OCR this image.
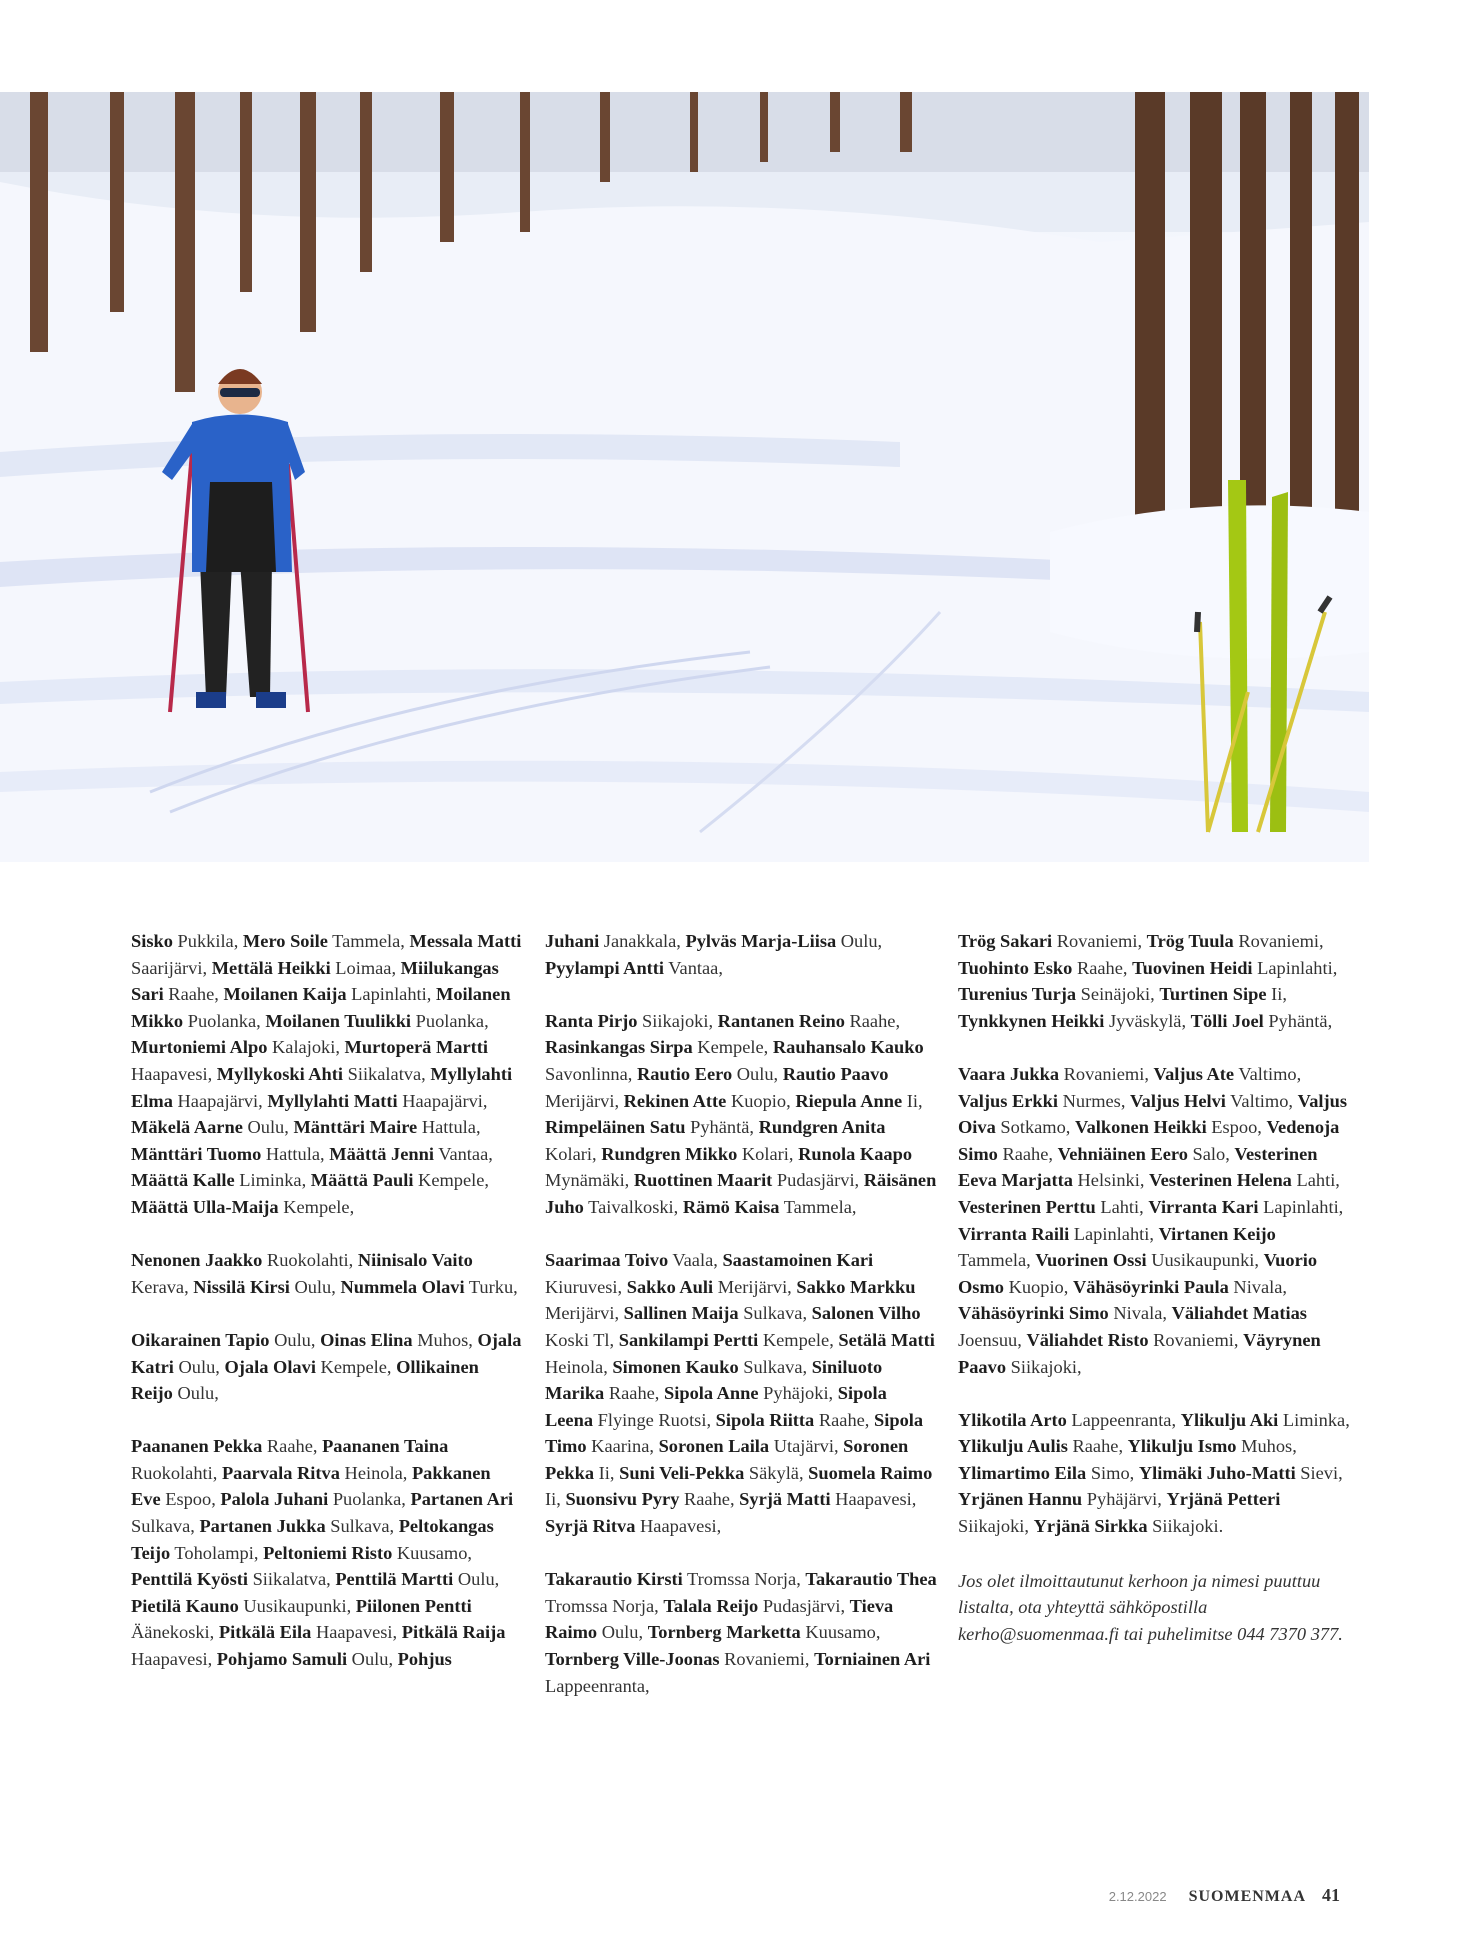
Sisko Pukkila, Mero Soile Tammela, Messala Matti Saarijärvi, Mettälä Heikki Loimaa, Miilukangas Sari Raahe, Moilanen Kaija Lapinlahti, Moilanen Mikko Puolanka, Moilanen Tuulikki Puolanka, Murtoniemi Alpo Kalajoki, Murtoperä Martti Haapavesi, Myllykoski Ahti Siikalatva, Myllylahti Elma Haapajärvi, Myllylahti Matti Haapajärvi, Mäkelä Aarne Oulu, Mänttäri Maire Hattula, Mänttäri Tuomo Hattula, Määttä Jenni Vantaa, Määttä Kalle Liminka, Määttä Pauli Kempele, Määttä Ulla-Maija Kempele,

Nenonen Jaakko Ruokolahti, Niinisalo Vaito Kerava, Nissilä Kirsi Oulu, Nummela Olavi Turku,

Oikarainen Tapio Oulu, Oinas Elina Muhos, Ojala Katri Oulu, Ojala Olavi Kempele, Ollikainen Reijo Oulu,

Paananen Pekka Raahe, Paananen Taina Ruokolahti, Paarvala Ritva Heinola, Pakkanen Eve Espoo, Palola Juhani Puolanka, Partanen Ari Sulkava, Partanen Jukka Sulkava, Peltokangas Teijo Toholampi, Peltoniemi Risto Kuusamo, Penttilä Kyösti Siikalatva, Penttilä Martti Oulu, Pietilä Kauno Uusikaupunki, Piilonen Pentti Äänekoski, Pitkälä Eila Haapavesi, Pitkälä Raija Haapavesi, Pohjamo Samuli Oulu, Pohjus

Juhani Janakkala, Pylväs Marja-Liisa Oulu, Pyylampi Antti Vantaa,

Ranta Pirjo Siikajoki, Rantanen Reino Raahe, Rasinkangas Sirpa Kempele, Rauhansalo Kauko Savonlinna, Rautio Eero Oulu, Rautio Paavo Merijärvi, Rekinen Atte Kuopio, Riepula Anne Ii, Rimpeläinen Satu Pyhäntä, Rundgren Anita Kolari, Rundgren Mikko Kolari, Runola Kaapo Mynämäki, Ruottinen Maarit Pudasjärvi, Räisänen Juho Taivalkoski, Rämö Kaisa Tammela,

Saarimaa Toivo Vaala, Saastamoinen Kari Kiuruvesi, Sakko Auli Merijärvi, Sakko Markku Merijärvi, Sallinen Maija Sulkava, Salonen Vilho Koski Tl, Sankilampi Pertti Kempele, Setälä Matti Heinola, Simonen Kauko Sulkava, Siniluoto Marika Raahe, Sipola Anne Pyhäjoki, Sipola Leena Flyinge Ruotsi, Sipola Riitta Raahe, Sipola Timo Kaarina, Soronen Laila Utajärvi, Soronen Pekka Ii, Suni Veli-Pekka Säkylä, Suomela Raimo Ii, Suonsivu Pyry Raahe, Syrjä Matti Haapavesi, Syrjä Ritva Haapavesi,

Takarautio Kirsti Tromssa Norja, Takarautio Thea Tromssa Norja, Talala Reijo Pudasjärvi, Tieva Raimo Oulu, Tornberg Marketta Kuusamo, Tornberg Ville-Joonas Rovaniemi, Torniainen Ari Lappeenranta,

Trög Sakari Rovaniemi, Trög Tuula Rovaniemi, Tuohinto Esko Raahe, Tuovinen Heidi Lapinlahti, Turenius Turja Seinäjoki, Turtinen Sipe Ii, Tynkkynen Heikki Jyväskylä, Tölli Joel Pyhäntä,

Vaara Jukka Rovaniemi, Valjus Ate Valtimo, Valjus Erkki Nurmes, Valjus Helvi Valtimo, Valjus Oiva Sotkamo, Valkonen Heikki Espoo, Vedenoja Simo Raahe, Vehniäinen Eero Salo, Vesterinen Eeva Marjatta Helsinki, Vesterinen Helena Lahti, Vesterinen Perttu Lahti, Virranta Kari Lapinlahti, Virranta Raili Lapinlahti, Virtanen Keijo Tammela, Vuorinen Ossi Uusikaupunki, Vuorio Osmo Kuopio, Vähäsöyrinki Paula Nivala, Vähäsöyrinki Simo Nivala, Väliahdet Matias Joensuu, Väliahdet Risto Rovaniemi, Väyrynen Paavo Siikajoki,

Ylikotila Arto Lappeenranta, Ylikulju Aki Liminka, Ylikulju Aulis Raahe, Ylikulju Ismo Muhos, Ylimartimo Eila Simo, Ylimäki Juho-Matti Sievi, Yrjänen Hannu Pyhäjärvi, Yrjänä Petteri Siikajoki, Yrjänä Sirkka Siikajoki.

Jos olet ilmoittautunut kerhoon ja nimesi puuttuu listalta, ota yhteyttä sähköpostilla kerho@suomenmaa.fi tai puhelimitse 044 7370 377.

2.12.2022 SUOMENMAA 41
